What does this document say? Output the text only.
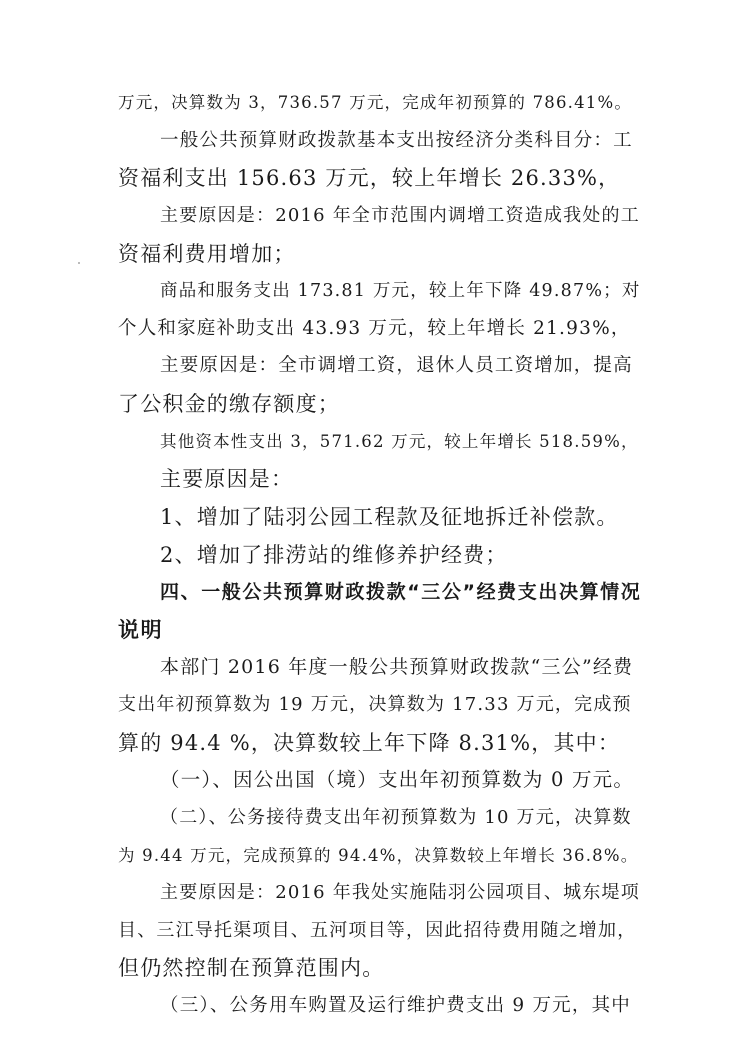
万元，决算数为 3，736.57 万元，完成年初预算的 786.41%。
一般公共预算财政拨款基本支出按经济分类科目分：工
资福利支出 156.63 万元，较上年增长 26.33%，
主要原因是：2016 年全市范围内调增工资造成我处的工
资福利费用增加；
商品和服务支出 173.81 万元，较上年下降 49.87%；对
个人和家庭补助支出 43.93 万元，较上年增长 21.93%，
主要原因是：全市调增工资，退休人员工资增加，提高
了公积金的缴存额度；
其他资本性支出 3，571.62 万元，较上年增长 518.59%，
主要原因是：
1、增加了陆羽公园工程款及征地拆迁补偿款。
2、增加了排涝站的维修养护经费；
四、一般公共预算财政拨款“三公”经费支出决算情况
说明
本部门 2016 年度一般公共预算财政拨款“三公”经费
支出年初预算数为 19 万元，决算数为 17.33 万元，完成预
算的 94.4 %，决算数较上年下降 8.31%，其中：
（一）、因公出国（境）支出年初预算数为 0 万元。
（二）、公务接待费支出年初预算数为 10 万元，决算数
为 9.44 万元，完成预算的 94.4%，决算数较上年增长 36.8%。
主要原因是：2016 年我处实施陆羽公园项目、城东堤项
目、三江导托渠项目、五河项目等，因此招待费用随之增加，
但仍然控制在预算范围内。
（三）、公务用车购置及运行维护费支出 9 万元，其中
